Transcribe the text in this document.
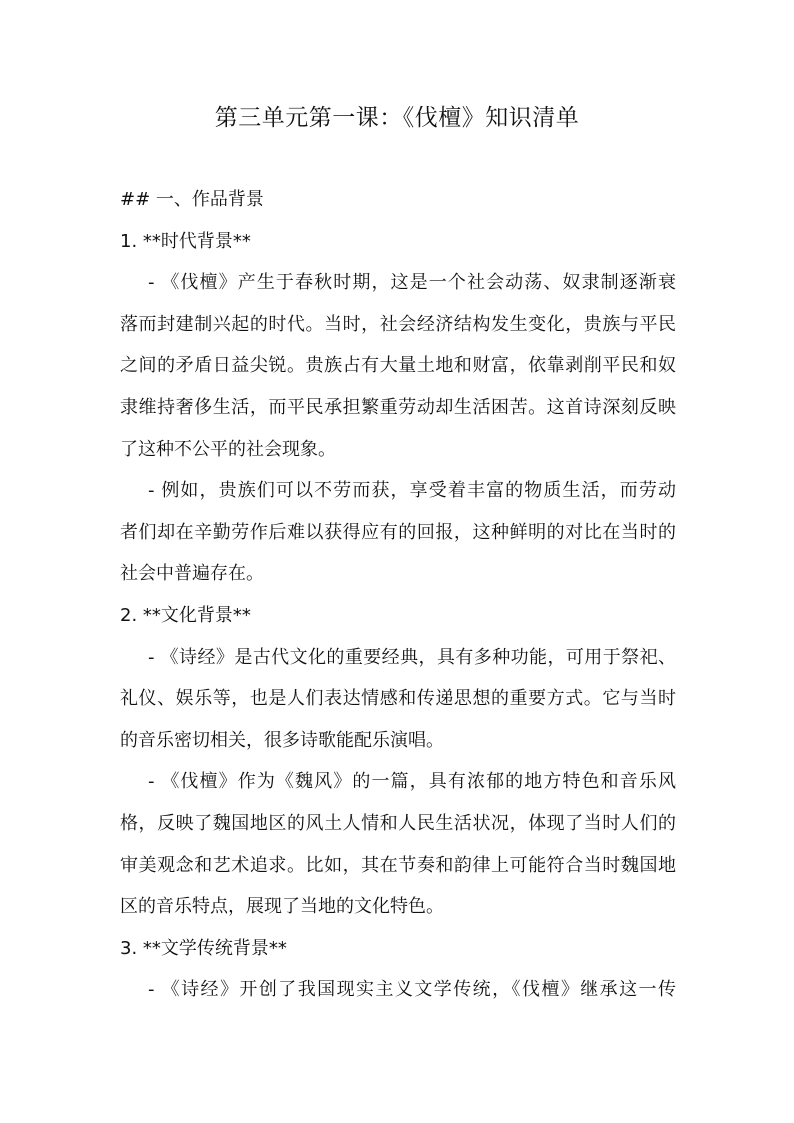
第三单元第一课：《伐檀》知识清单
## 一、作品背景
1. **时代背景**
- 《伐檀》产生于春秋时期，这是一个社会动荡、奴隶制逐渐衰
落而封建制兴起的时代。当时，社会经济结构发生变化，贵族与平民
之间的矛盾日益尖锐。贵族占有大量土地和财富，依靠剥削平民和奴
隶维持奢侈生活，而平民承担繁重劳动却生活困苦。这首诗深刻反映
了这种不公平的社会现象。
- 例如，贵族们可以不劳而获，享受着丰富的物质生活，而劳动
者们却在辛勤劳作后难以获得应有的回报，这种鲜明的对比在当时的
社会中普遍存在。
2. **文化背景**
- 《诗经》是古代文化的重要经典，具有多种功能，可用于祭祀、
礼仪、娱乐等，也是人们表达情感和传递思想的重要方式。它与当时
的音乐密切相关，很多诗歌能配乐演唱。
- 《伐檀》作为《魏风》的一篇，具有浓郁的地方特色和音乐风
格，反映了魏国地区的风土人情和人民生活状况，体现了当时人们的
审美观念和艺术追求。比如，其在节奏和韵律上可能符合当时魏国地
区的音乐特点，展现了当地的文化特色。
3. **文学传统背景**
- 《诗经》开创了我国现实主义文学传统，《伐檀》继承这一传
